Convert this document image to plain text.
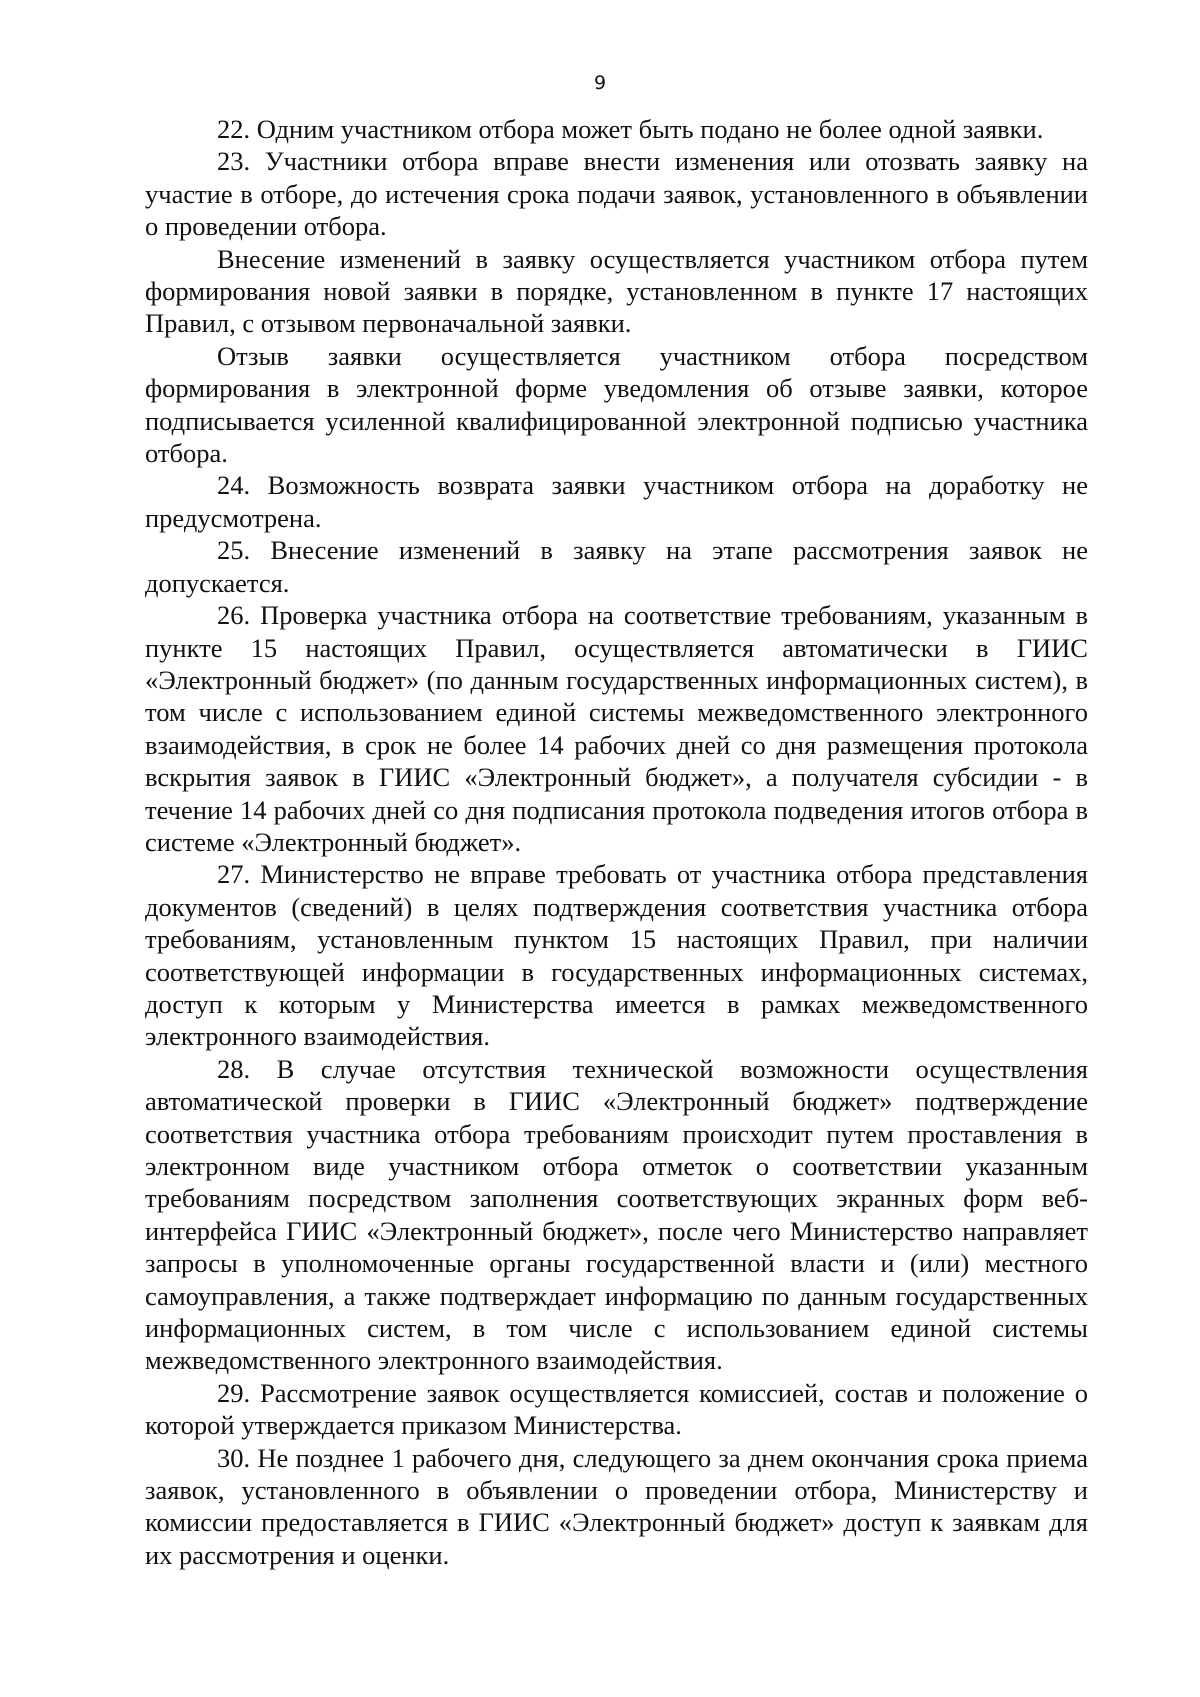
9

22. Одним участником отбора может быть подано не более одной заявки.

23. Участники отбора вправе внести изменения или отозвать заявку на участие в отборе, до истечения срока подачи заявок, установленного в объявлении о проведении отбора.

Внесение изменений в заявку осуществляется участником отбора путем формирования новой заявки в порядке, установленном в пункте 17 настоящих Правил, с отзывом первоначальной заявки.

Отзыв заявки осуществляется участником отбора посредством формирования в электронной форме уведомления об отзыве заявки, которое подписывается усиленной квалифицированной электронной подписью участника отбора.

24. Возможность возврата заявки участником отбора на доработку не предусмотрена.

25. Внесение изменений в заявку на этапе рассмотрения заявок не допускается.

26. Проверка участника отбора на соответствие требованиям, указанным в пункте 15 настоящих Правил, осуществляется автоматически в ГИИС «Электронный бюджет» (по данным государственных информационных систем), в том числе с использованием единой системы межведомственного электронного взаимодействия, в срок не более 14 рабочих дней со дня размещения протокола вскрытия заявок в ГИИС «Электронный бюджет», а получателя субсидии - в течение 14 рабочих дней со дня подписания протокола подведения итогов отбора в системе «Электронный бюджет».

27. Министерство не вправе требовать от участника отбора представления документов (сведений) в целях подтверждения соответствия участника отбора требованиям, установленным пунктом 15 настоящих Правил, при наличии соответствующей информации в государственных информационных системах, доступ к которым у Министерства имеется в рамках межведомственного электронного взаимодействия.

28. В случае отсутствия технической возможности осуществления автоматической проверки в ГИИС «Электронный бюджет» подтверждение соответствия участника отбора требованиям происходит путем проставления в электронном виде участником отбора отметок о соответствии указанным требованиям посредством заполнения соответствующих экранных форм веб-интерфейса ГИИС «Электронный бюджет», после чего Министерство направляет запросы в уполномоченные органы государственной власти и (или) местного самоуправления, а также подтверждает информацию по данным государственных информационных систем, в том числе с использованием единой системы межведомственного электронного взаимодействия.

29. Рассмотрение заявок осуществляется комиссией, состав и положение о которой утверждается приказом Министерства.

30. Не позднее 1 рабочего дня, следующего за днем окончания срока приема заявок, установленного в объявлении о проведении отбора, Министерству и комиссии предоставляется в ГИИС «Электронный бюджет» доступ к заявкам для их рассмотрения и оценки.
